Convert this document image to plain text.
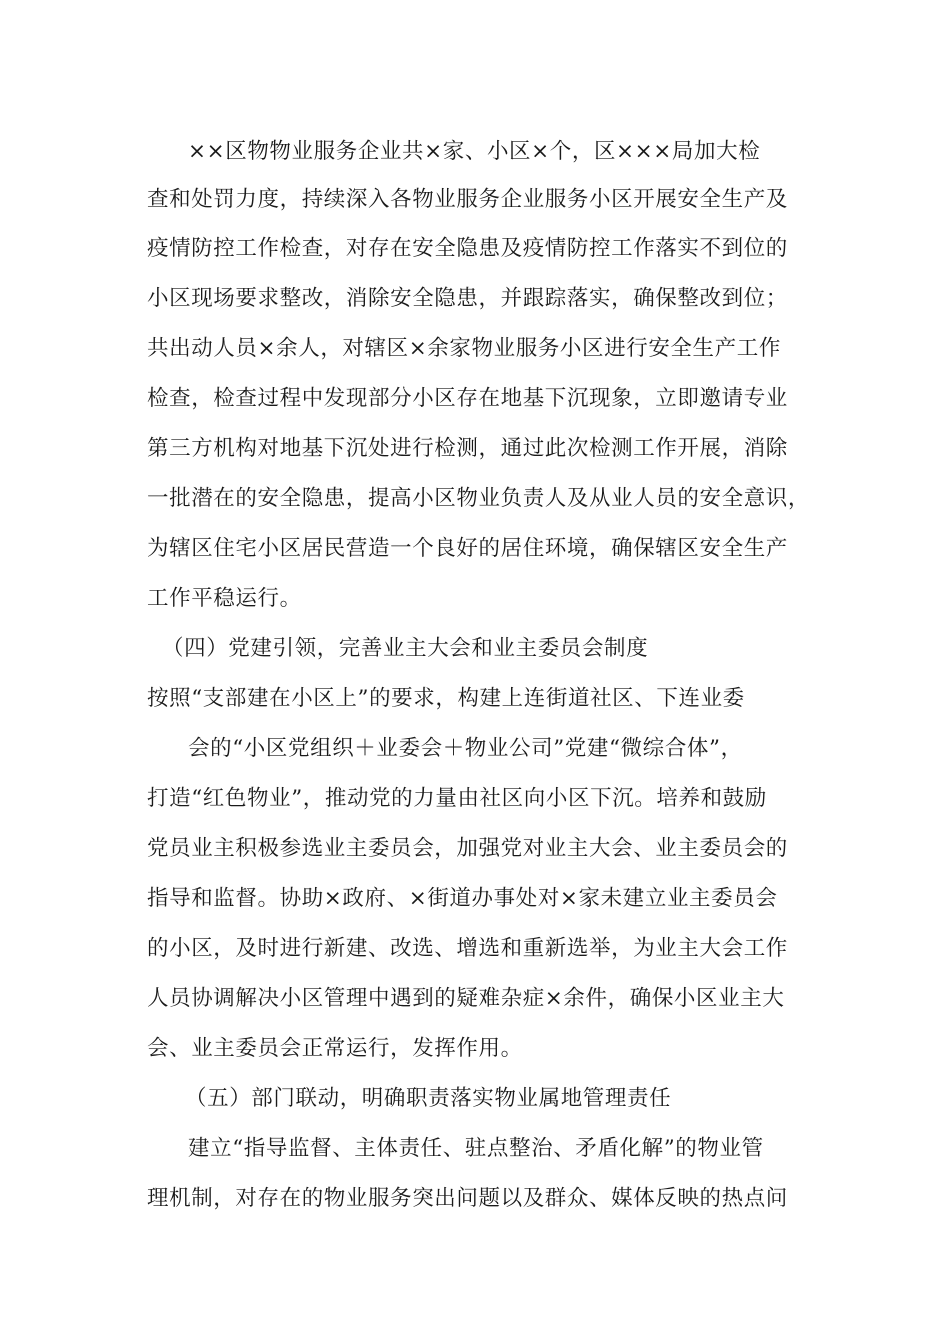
××区物物业服务企业共×家、小区×个，区×××局加大检
查和处罚力度，持续深入各物业服务企业服务小区开展安全生产及
疫情防控工作检查，对存在安全隐患及疫情防控工作落实不到位的
小区现场要求整改，消除安全隐患，并跟踪落实，确保整改到位；
共出动人员×余人，对辖区×余家物业服务小区进行安全生产工作
检查，检查过程中发现部分小区存在地基下沉现象，立即邀请专业
第三方机构对地基下沉处进行检测，通过此次检测工作开展，消除
一批潜在的安全隐患，提高小区物业负责人及从业人员的安全意识，
为辖区住宅小区居民营造一个良好的居住环境，确保辖区安全生产
工作平稳运行。
（四）党建引领，完善业主大会和业主委员会制度
按照“支部建在小区上”的要求，构建上连街道社区、下连业委
会的“小区党组织＋业委会＋物业公司”党建“微综合体”，
打造“红色物业”，推动党的力量由社区向小区下沉。培养和鼓励
党员业主积极参选业主委员会，加强党对业主大会、业主委员会的
指导和监督。协助×政府、×街道办事处对×家未建立业主委员会
的小区，及时进行新建、改选、增选和重新选举，为业主大会工作
人员协调解决小区管理中遇到的疑难杂症×余件，确保小区业主大
会、业主委员会正常运行，发挥作用。
（五）部门联动，明确职责落实物业属地管理责任
建立“指导监督、主体责任、驻点整治、矛盾化解”的物业管
理机制，对存在的物业服务突出问题以及群众、媒体反映的热点问
